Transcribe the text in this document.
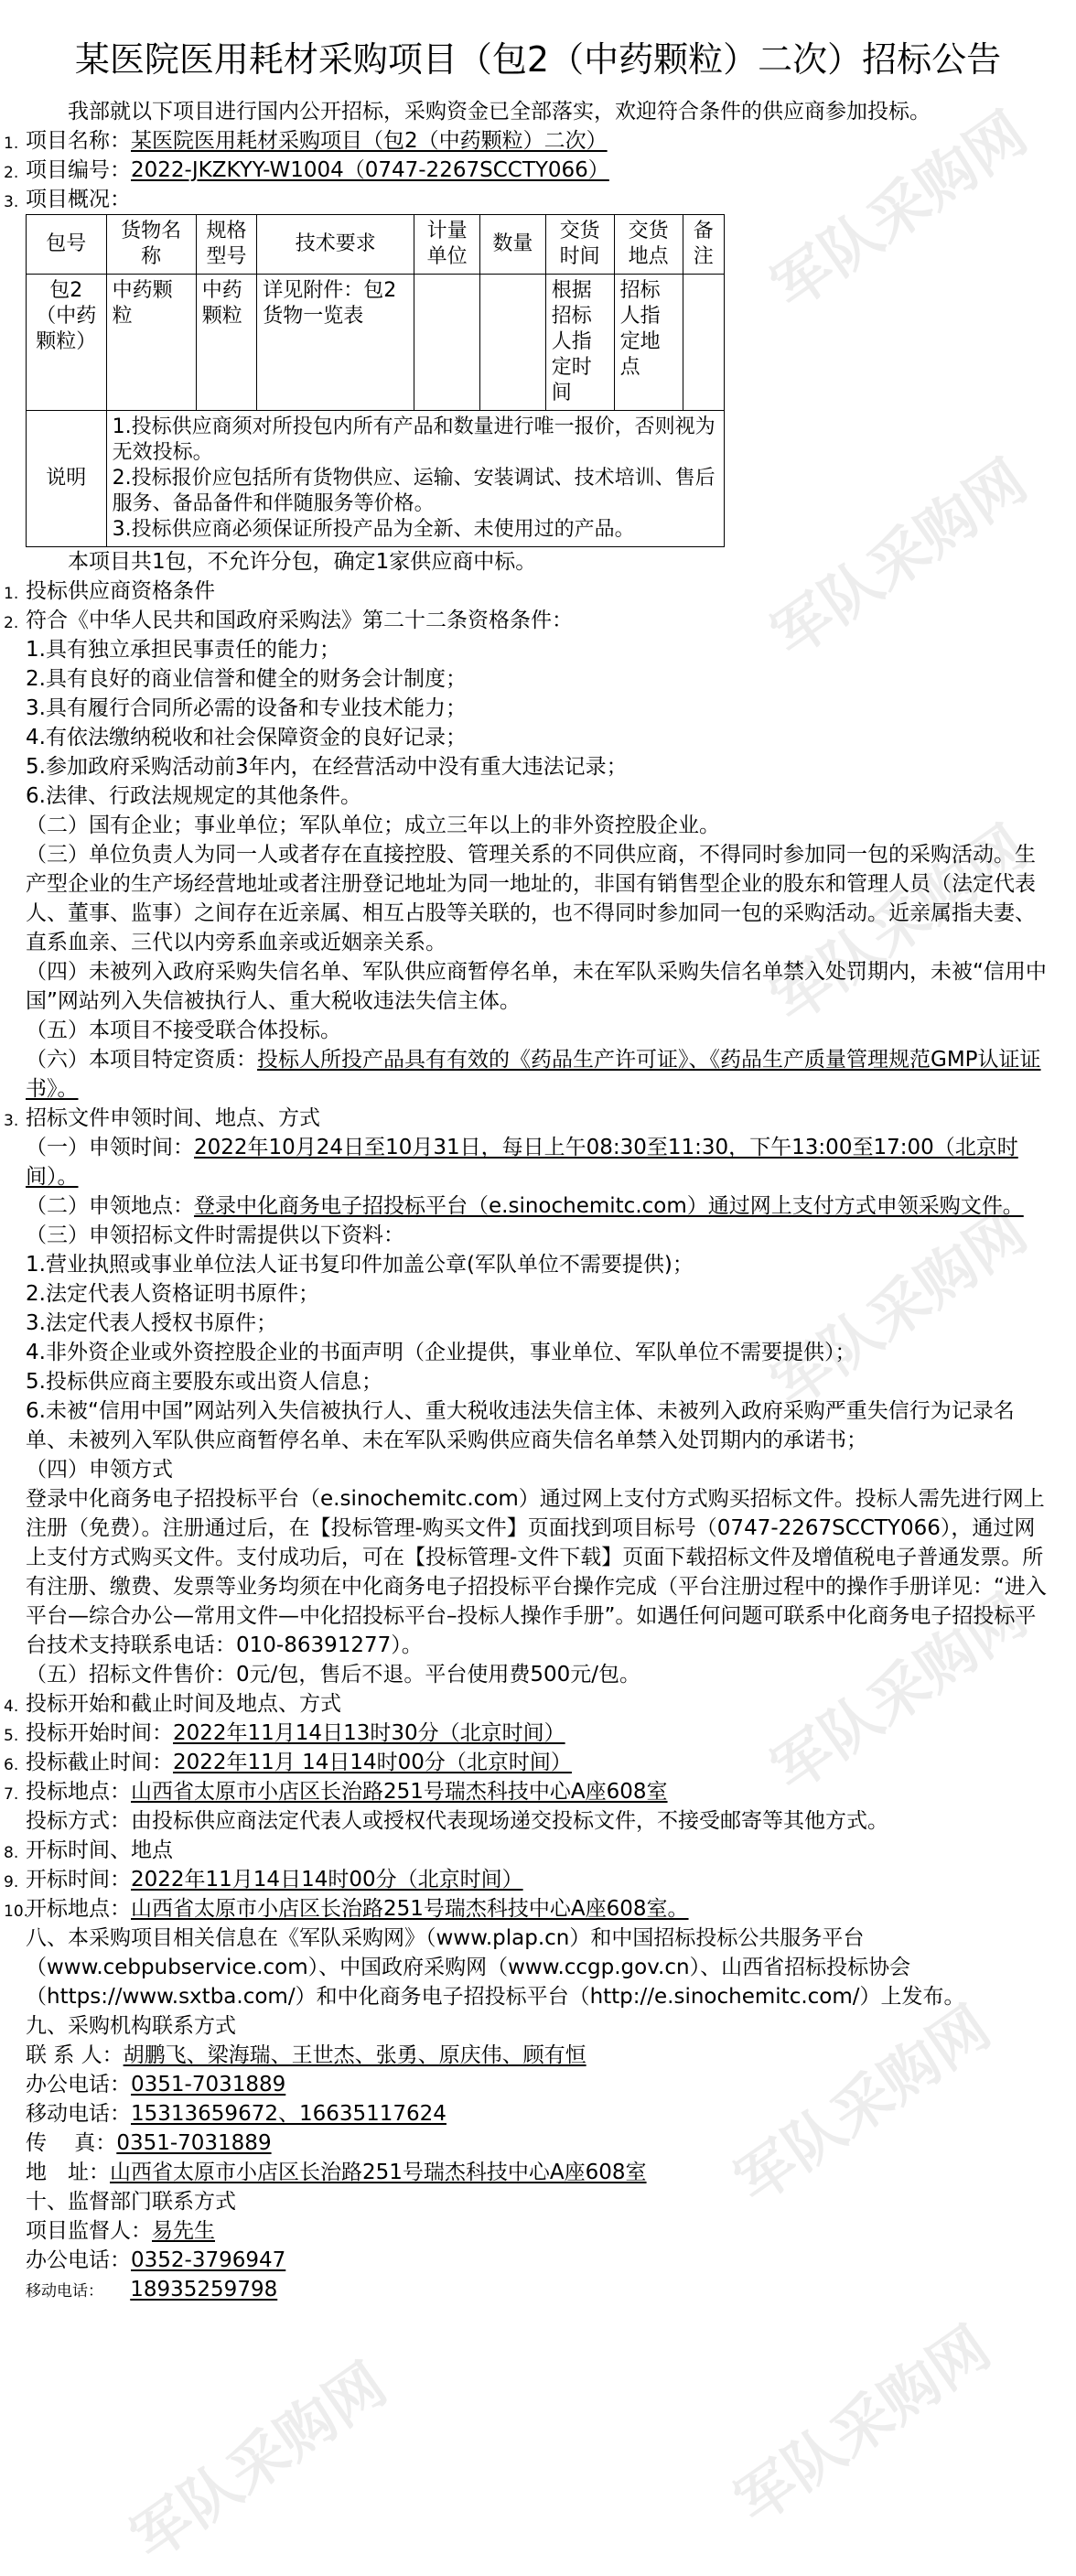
军队采购网
军队采购网
军队采购网
军队采购网
军队采购网
军队采购网
军队采购网
军队采购网
某医院医用耗材采购项目（包2（中药颗粒）二次）招标公告

我部就以下项目进行国内公开招标，采购资金已全部落实，欢迎符合条件的供应商参加投标。

1. 项目名称：某医院医用耗材采购项目（包2（中药颗粒）二次）

2. 项目编号：2022-JKZKYY-W1004（0747-2267SCCTY066）

3. 项目概况：

包号	货物名称	规格型号	技术要求	计量单位	数量	交货时间	交货地点	备注
包2（中药颗粒）	中药颗粒	中药颗粒	详见附件：包2货物一览表			根据招标人指定时间	招标人指定地点	
说明	1.投标供应商须对所投包内所有产品和数量进行唯一报价，否则视为无效投标。
2.投标报价应包括所有货物供应、运输、安装调试、技术培训、售后服务、备品备件和伴随服务等价格。
3.投标供应商必须保证所投产品为全新、未使用过的产品。							

本项目共1包，不允许分包，确定1家供应商中标。

1. 投标供应商资格条件

2. 符合《中华人民共和国政府采购法》第二十二条资格条件：

1.具有独立承担民事责任的能力；

2.具有良好的商业信誉和健全的财务会计制度；

3.具有履行合同所必需的设备和专业技术能力；

4.有依法缴纳税收和社会保障资金的良好记录；

5.参加政府采购活动前3年内，在经营活动中没有重大违法记录；

6.法律、行政法规规定的其他条件。

（二）国有企业；事业单位；军队单位；成立三年以上的非外资控股企业。

（三）单位负责人为同一人或者存在直接控股、管理关系的不同供应商，不得同时参加同一包的采购活动。生产型企业的生产场经营地址或者注册登记地址为同一地址的，非国有销售型企业的股东和管理人员（法定代表人、董事、监事）之间存在近亲属、相互占股等关联的，也不得同时参加同一包的采购活动。近亲属指夫妻、直系血亲、三代以内旁系血亲或近姻亲关系。

（四）未被列入政府采购失信名单、军队供应商暂停名单，未在军队采购失信名单禁入处罚期内，未被“信用中国”网站列入失信被执行人、重大税收违法失信主体。

（五）本项目不接受联合体投标。

（六）本项目特定资质：投标人所投产品具有有效的《药品生产许可证》、《药品生产质量管理规范GMP认证证书》。

3. 招标文件申领时间、地点、方式

（一）申领时间：2022年10月24日至10月31日，每日上午08:30至11:30，下午13:00至17:00（北京时间）。

（二）申领地点：登录中化商务电子招投标平台（e.sinochemitc.com）通过网上支付方式申领采购文件。

（三）申领招标文件时需提供以下资料：

1.营业执照或事业单位法人证书复印件加盖公章(军队单位不需要提供)；

2.法定代表人资格证明书原件；

3.法定代表人授权书原件；

4.非外资企业或外资控股企业的书面声明（企业提供，事业单位、军队单位不需要提供）；

5.投标供应商主要股东或出资人信息；

6.未被“信用中国”网站列入失信被执行人、重大税收违法失信主体、未被列入政府采购严重失信行为记录名单、未被列入军队供应商暂停名单、未在军队采购供应商失信名单禁入处罚期内的承诺书；

（四）申领方式

登录中化商务电子招投标平台（e.sinochemitc.com）通过网上支付方式购买招标文件。投标人需先进行网上注册（免费）。注册通过后，在【投标管理-购买文件】页面找到项目标号（0747-2267SCCTY066），通过网上支付方式购买文件。支付成功后，可在【投标管理-文件下载】页面下载招标文件及增值税电子普通发票。所有注册、缴费、发票等业务均须在中化商务电子招投标平台操作完成（平台注册过程中的操作手册详见：“进入平台—综合办公—常用文件—中化招投标平台–投标人操作手册”。如遇任何问题可联系中化商务电子招投标平台技术支持联系电话：010-86391277）。

（五）招标文件售价：0元/包，售后不退。平台使用费500元/包。

4. 投标开始和截止时间及地点、方式

5. 投标开始时间：2022年11月14日13时30分（北京时间）

6. 投标截止时间：2022年11月 14日14时00分（北京时间）

7. 投标地点：山西省太原市小店区长治路251号瑞杰科技中心A座608室

投标方式：由投标供应商法定代表人或授权代表现场递交投标文件，不接受邮寄等其他方式。

8. 开标时间、地点

9. 开标时间：2022年11月14日14时00分（北京时间）

10.
开标地点：山西省太原市小店区长治路251号瑞杰科技中心A座608室。

八、本采购项目相关信息在《军队采购网》（www.plap.cn）和中国招标投标公共服务平台（www.cebpubservice.com）、中国政府采购网（www.ccgp.gov.cn）、山西省招标投标协会（https://www.sxtba.com/）和中化商务电子招投标平台（http://e.sinochemitc.com/）上发布。

九、采购机构联系方式

联 系 人：胡鹏飞、梁海瑞、王世杰、张勇、原庆伟、顾有恒

办公电话：0351-7031889

移动电话：15313659672、16635117624

传　 真：0351-7031889

地　址：山西省太原市小店区长治路251号瑞杰科技中心A座608室

十、监督部门联系方式

项目监督人：易先生

办公电话：0352-3796947

移动电话： 18935259798
